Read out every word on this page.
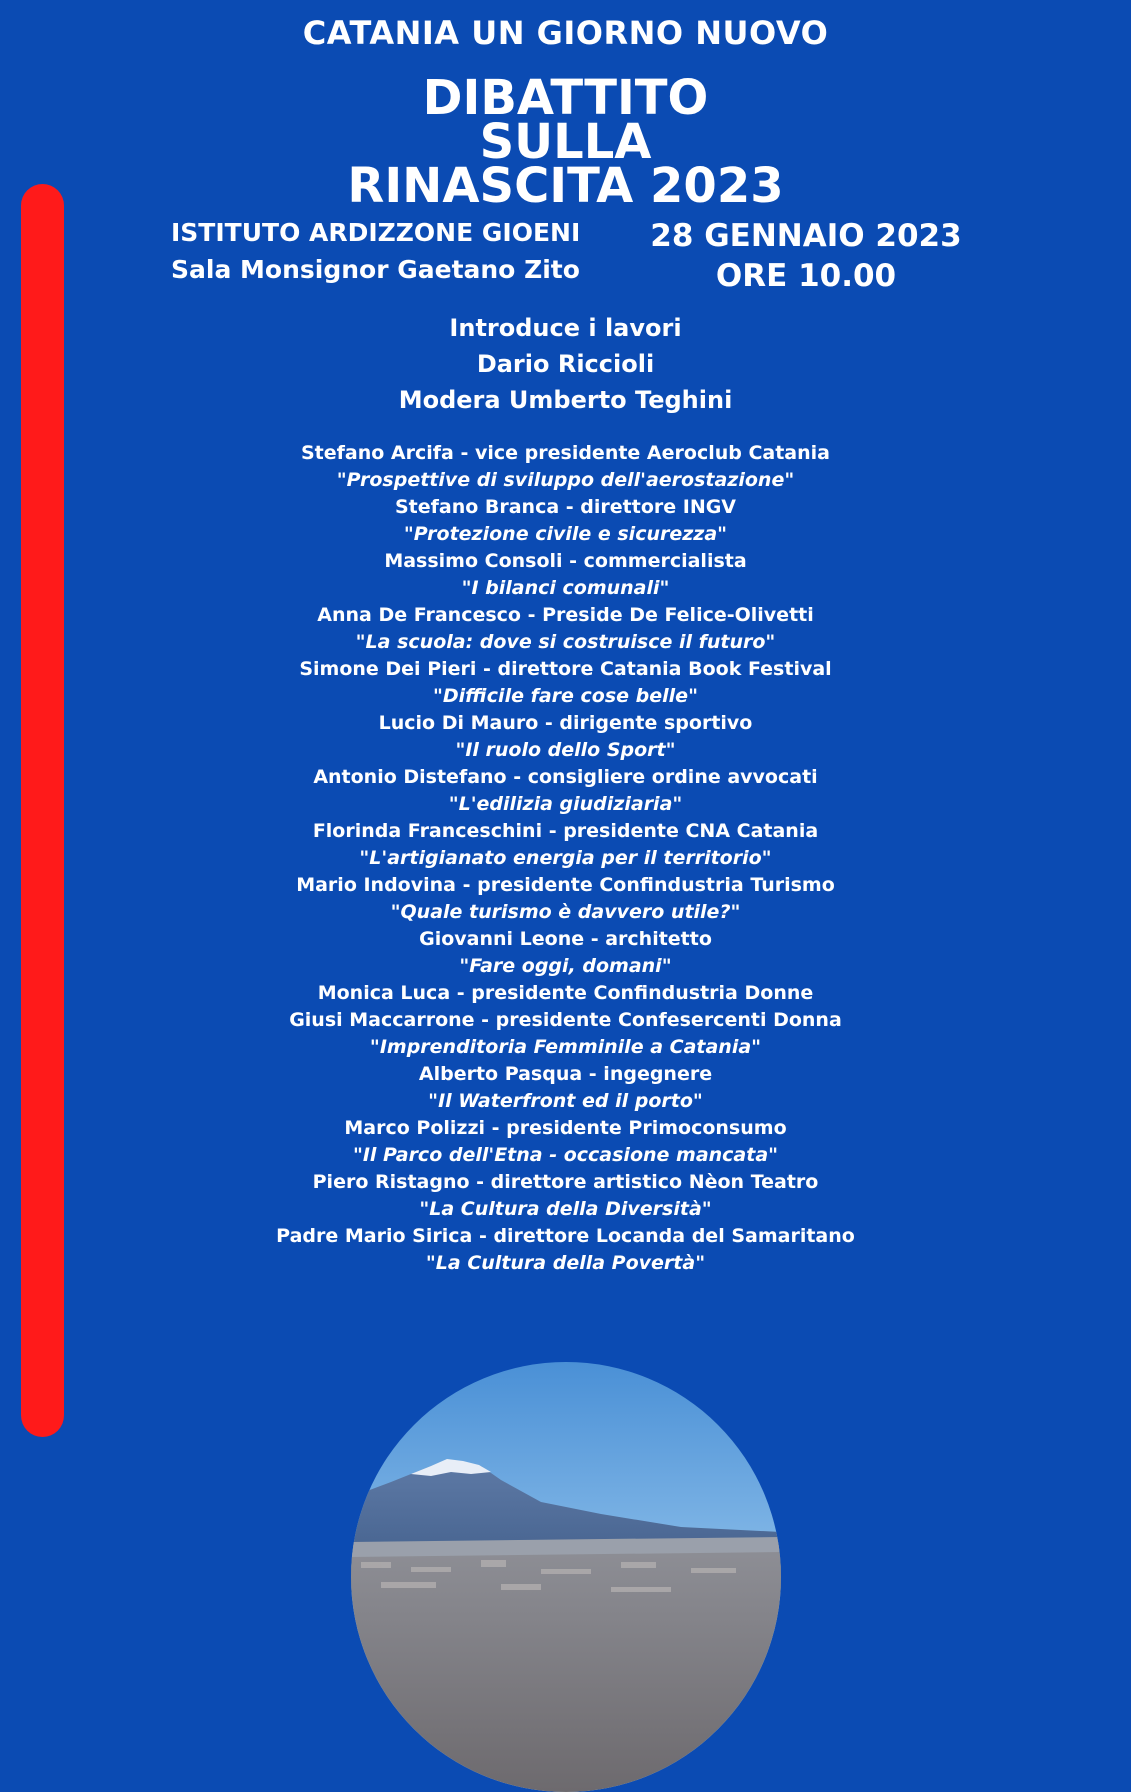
CATANIA UN GIORNO NUOVO
DIBATTITO
SULLA
RINASCITA 2023
ISTITUTO ARDIZZONE GIOENI
Sala Monsignor Gaetano Zito
28 GENNAIO 2023
ORE 10.00
Introduce i lavori
Dario Riccioli
Modera Umberto Teghini
Stefano Arcifa - vice presidente Aeroclub Catania
"Prospettive di sviluppo dell'aerostazione"
Stefano Branca - direttore INGV
"Protezione civile e sicurezza"
Massimo Consoli - commercialista
"I bilanci comunali"
Anna De Francesco - Preside De Felice-Olivetti
"La scuola: dove si costruisce il futuro"
Simone Dei Pieri - direttore Catania Book Festival
"Difficile fare cose belle"
Lucio Di Mauro - dirigente sportivo
"Il ruolo dello Sport"
Antonio Distefano - consigliere ordine avvocati
"L'edilizia giudiziaria"
Florinda Franceschini - presidente CNA Catania
"L'artigianato energia per il territorio"
Mario Indovina - presidente Confindustria Turismo
"Quale turismo è davvero utile?"
Giovanni Leone - architetto
"Fare oggi, domani"
Monica Luca - presidente Confindustria Donne
Giusi Maccarrone - presidente Confesercenti Donna
"Imprenditoria Femminile a Catania"
Alberto Pasqua - ingegnere
"Il Waterfront ed il porto"
Marco Polizzi - presidente Primoconsumo
"Il Parco dell'Etna - occasione mancata"
Piero Ristagno - direttore artistico Nèon Teatro
"La Cultura della Diversità"
Padre Mario Sirica - direttore Locanda del Samaritano
"La Cultura della Povertà"
